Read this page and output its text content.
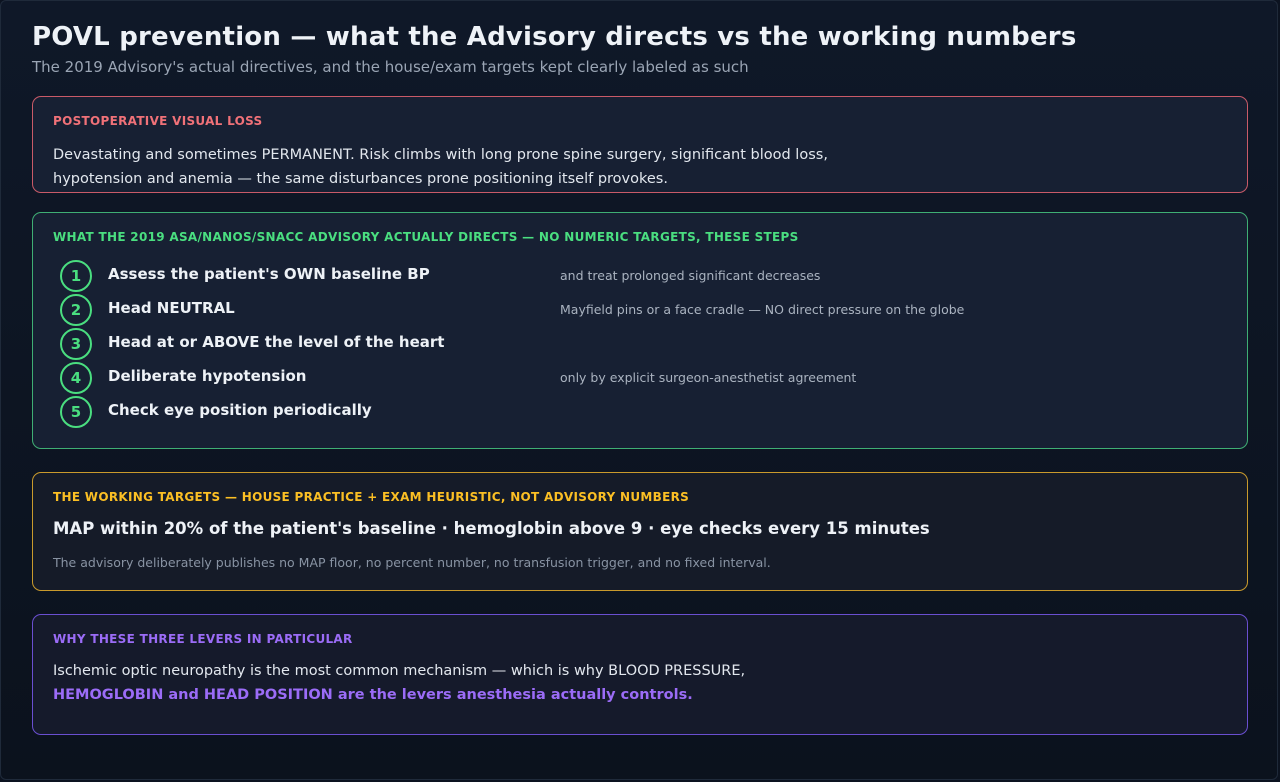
POVL prevention — what the Advisory directs vs the working numbers
The 2019 Advisory's actual directives, and the house/exam targets kept clearly labeled as such
POSTOPERATIVE VISUAL LOSS
Devastating and sometimes PERMANENT. Risk climbs with long prone spine surgery, significant blood loss,
hypotension and anemia — the same disturbances prone positioning itself provokes.
WHAT THE 2019 ASA/NANOS/SNACC ADVISORY ACTUALLY DIRECTS — NO NUMERIC TARGETS, THESE STEPS
1	Assess the patient's OWN baseline BP	and treat prolonged significant decreases
2	Head NEUTRAL	Mayfield pins or a face cradle — NO direct pressure on the globe
3	Head at or ABOVE the level of the heart
4	Deliberate hypotension	only by explicit surgeon-anesthetist agreement
5	Check eye position periodically
THE WORKING TARGETS — HOUSE PRACTICE + EXAM HEURISTIC, NOT ADVISORY NUMBERS
MAP within 20% of the patient's baseline · hemoglobin above 9 · eye checks every 15 minutes
The advisory deliberately publishes no MAP floor, no percent number, no transfusion trigger, and no fixed interval.
WHY THESE THREE LEVERS IN PARTICULAR
Ischemic optic neuropathy is the most common mechanism — which is why BLOOD PRESSURE,
HEMOGLOBIN and HEAD POSITION are the levers anesthesia actually controls.
